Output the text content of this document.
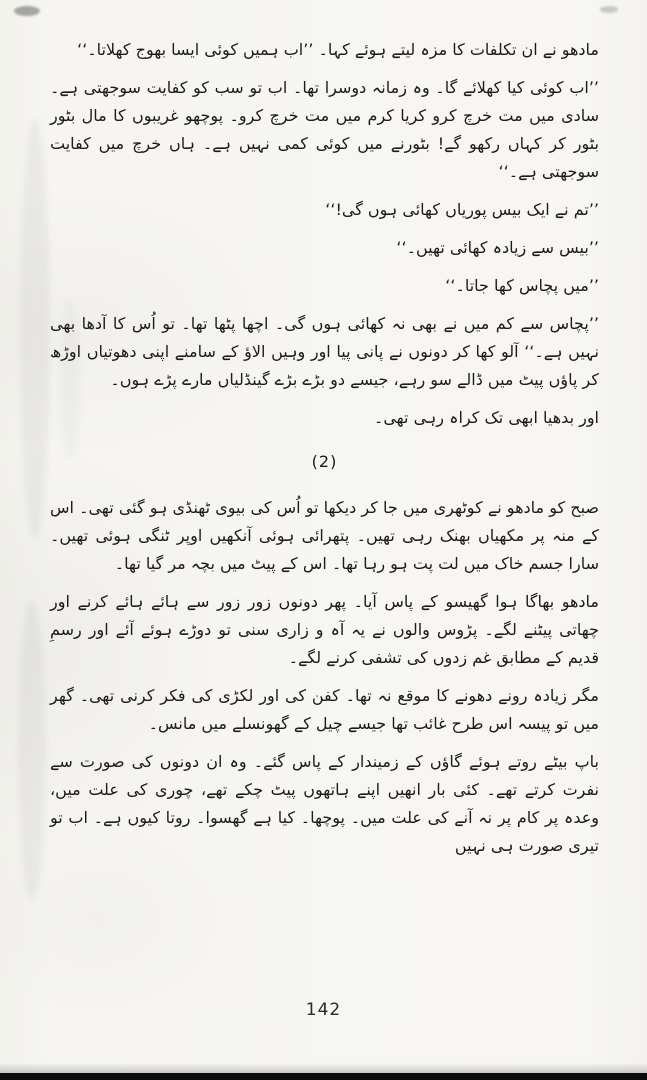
مادھو نے ان تکلفات کا مزہ لیتے ہوئے کہا۔ ’’اب ہمیں کوئی ایسا بھوج کھلاتا۔‘‘

’’اب کوئی کیا کھلائے گا۔ وہ زمانہ دوسرا تھا۔ اب تو سب کو کفایت سوجھتی ہے۔ سادی میں مت خرچ کرو کریا کرم میں مت خرچ کرو۔ پوچھو غریبوں کا مال بٹور بٹور کر کہاں رکھو گے! بٹورنے میں کوئی کمی نہیں ہے۔ ہاں خرچ میں کفایت سوجھتی ہے۔‘‘

’’تم نے ایک بیس پوریاں کھائی ہوں گی!‘‘

’’بیس سے زیادہ کھائی تھیں۔‘‘

’’میں پچاس کھا جاتا۔‘‘

’’پچاس سے کم میں نے بھی نہ کھائی ہوں گی۔ اچھا پٹھا تھا۔ تو اُس کا آدھا بھی نہیں ہے۔‘‘ آلو کھا کر دونوں نے پانی پیا اور وہیں الاؤ کے سامنے اپنی دھوتیاں اوڑھ کر پاؤں پیٹ میں ڈالے سو رہے، جیسے دو بڑے بڑے گینڈلیاں مارے پڑے ہوں۔

اور بدھیا ابھی تک کراہ رہی تھی۔

(2)

صبح کو مادھو نے کوٹھری میں جا کر دیکھا تو اُس کی بیوی ٹھنڈی ہو گئی تھی۔ اس کے منہ پر مکھیاں بھنک رہی تھیں۔ پتھرائی ہوئی آنکھیں اوپر ٹنگی ہوئی تھیں۔ سارا جسم خاک میں لت پت ہو رہا تھا۔ اس کے پیٹ میں بچہ مر گیا تھا۔

مادھو بھاگا ہوا گھیسو کے پاس آیا۔ پھر دونوں زور زور سے ہائے ہائے کرنے اور چھاتی پیٹنے لگے۔ پڑوس والوں نے یہ آہ و زاری سنی تو دوڑے ہوئے آئے اور رسمِ قدیم کے مطابق غم زدوں کی تشفی کرنے لگے۔

مگر زیادہ رونے دھونے کا موقع نہ تھا۔ کفن کی اور لکڑی کی فکر کرنی تھی۔ گھر میں تو پیسہ اس طرح غائب تھا جیسے چیل کے گھونسلے میں مانس۔

باپ بیٹے روتے ہوئے گاؤں کے زمیندار کے پاس گئے۔ وہ ان دونوں کی صورت سے نفرت کرتے تھے۔ کئی بار انھیں اپنے ہاتھوں پیٹ چکے تھے، چوری کی علت میں، وعدہ پر کام پر نہ آنے کی علت میں۔ پوچھا۔ کیا ہے گھسوا۔ روتا کیوں ہے۔ اب تو تیری صورت ہی نہیں

142
